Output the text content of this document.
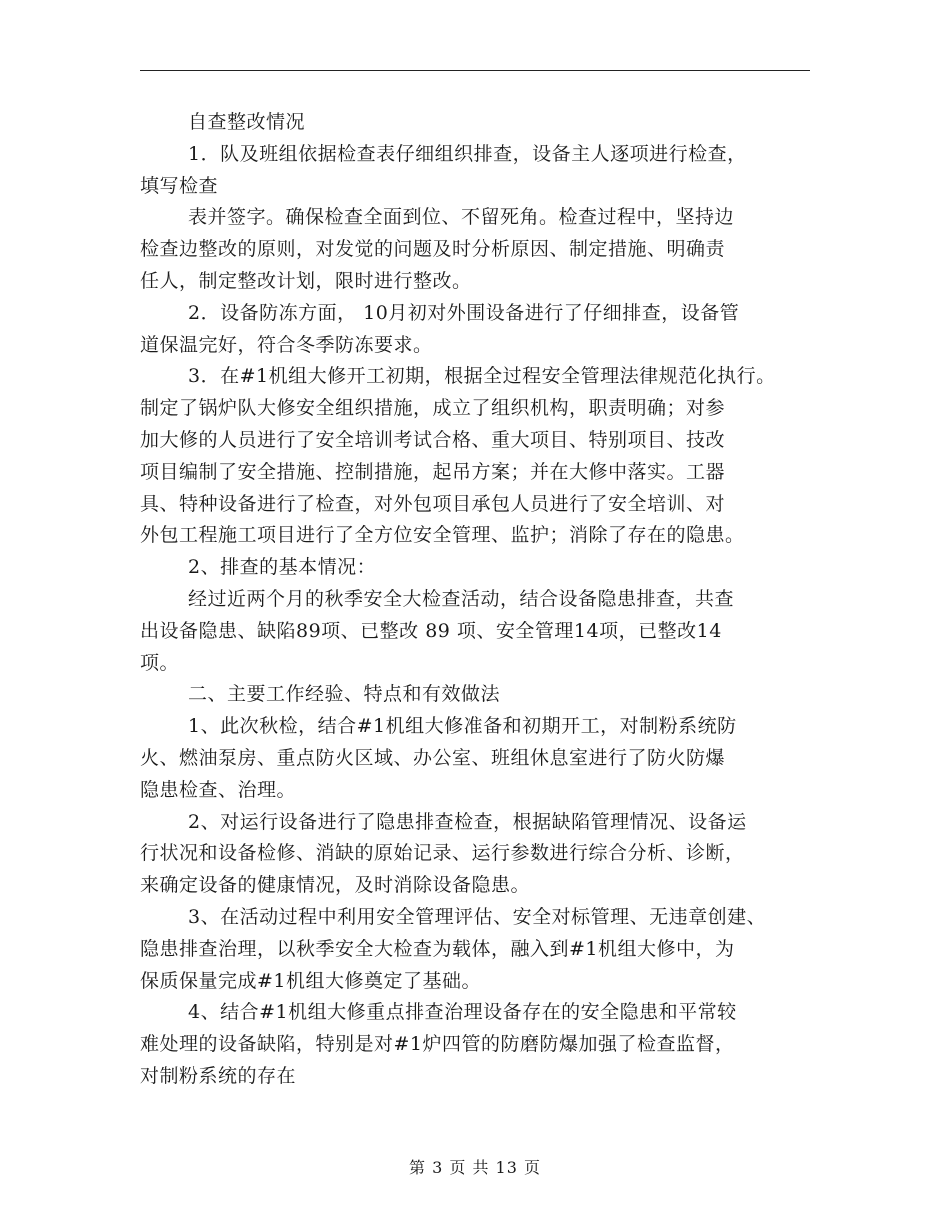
自查整改情况
1．队及班组依据检查表仔细组织排查，设备主人逐项进行检查，
填写检查
表并签字。确保检查全面到位、不留死角。检查过程中，坚持边
检查边整改的原则，对发觉的问题及时分析原因、制定措施、明确责
任人，制定整改计划，限时进行整改。
2．设备防冻方面， 10月初对外围设备进行了仔细排查，设备管
道保温完好，符合冬季防冻要求。
3．在#1机组大修开工初期，根据全过程安全管理法律规范化执行。
制定了锅炉队大修安全组织措施，成立了组织机构，职责明确；对参
加大修的人员进行了安全培训考试合格、重大项目、特别项目、技改
项目编制了安全措施、控制措施，起吊方案；并在大修中落实。工器
具、特种设备进行了检查，对外包项目承包人员进行了安全培训、对
外包工程施工项目进行了全方位安全管理、监护；消除了存在的隐患。
2、排查的基本情况：
经过近两个月的秋季安全大检查活动，结合设备隐患排查，共查
出设备隐患、缺陷89项、已整改 89 项、安全管理14项，已整改14
项。
二、主要工作经验、特点和有效做法
1、此次秋检，结合#1机组大修准备和初期开工，对制粉系统防
火、燃油泵房、重点防火区域、办公室、班组休息室进行了防火防爆
隐患检查、治理。
2、对运行设备进行了隐患排查检查，根据缺陷管理情况、设备运
行状况和设备检修、消缺的原始记录、运行参数进行综合分析、诊断，
来确定设备的健康情况，及时消除设备隐患。
3、在活动过程中利用安全管理评估、安全对标管理、无违章创建、
隐患排查治理，以秋季安全大检查为载体，融入到#1机组大修中，为
保质保量完成#1机组大修奠定了基础。
4、结合#1机组大修重点排查治理设备存在的安全隐患和平常较
难处理的设备缺陷，特别是对#1炉四管的防磨防爆加强了检查监督，
对制粉系统的存在
第 3 页 共 13 页
